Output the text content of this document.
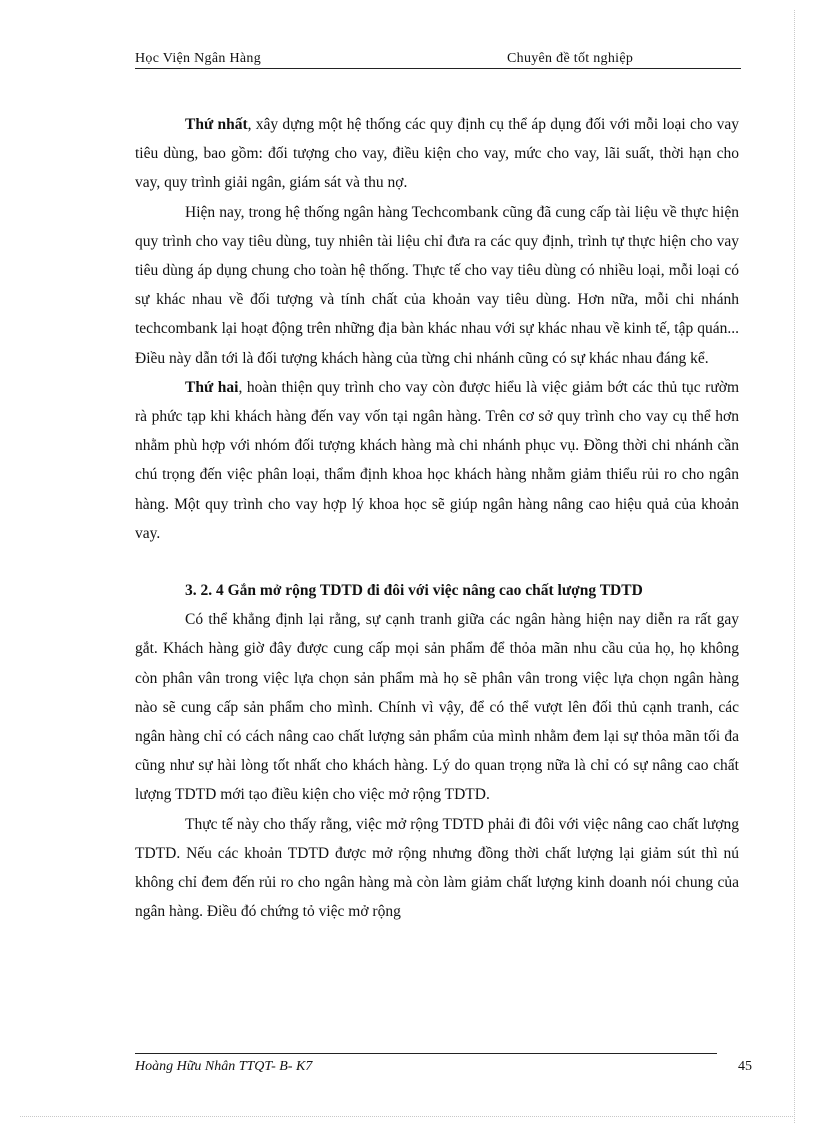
Học Viện Ngân Hàng	Chuyên đề tốt nghiệp

Thứ nhất, xây dựng một hệ thống các quy định cụ thể áp dụng đối với mỗi loại cho vay tiêu dùng, bao gồm: đối tượng cho vay, điều kiện cho vay, mức cho vay, lãi suất, thời hạn cho vay, quy trình giải ngân, giám sát và thu nợ.

Hiện nay, trong hệ thống ngân hàng Techcombank cũng đã cung cấp tài liệu về thực hiện quy trình cho vay tiêu dùng, tuy nhiên tài liệu chỉ đưa ra các quy định, trình tự thực hiện cho vay tiêu dùng áp dụng chung cho toàn hệ thống. Thực tế cho vay tiêu dùng có nhiều loại, mỗi loại có sự khác nhau về đối tượng và tính chất của khoản vay tiêu dùng. Hơn nữa, mỗi chi nhánh techcombank lại hoạt động trên những địa bàn khác nhau với sự khác nhau về kinh tế, tập quán... Điều này dẫn tới là đối tượng khách hàng của từng chi nhánh cũng có sự khác nhau đáng kể.

Thứ hai, hoàn thiện quy trình cho vay còn được hiểu là việc giảm bớt các thủ tục rườm rà phức tạp khi khách hàng đến vay vốn tại ngân hàng. Trên cơ sở quy trình cho vay cụ thể hơn nhằm phù hợp với nhóm đối tượng khách hàng mà chi nhánh phục vụ. Đồng thời chi nhánh cần chú trọng đến việc phân loại, thẩm định khoa học khách hàng nhằm giảm thiểu rủi ro cho ngân hàng. Một quy trình cho vay hợp lý khoa học sẽ giúp ngân hàng nâng cao hiệu quả của khoản vay.

3. 2. 4 Gắn mở rộng TDTD đi đôi với việc nâng cao chất lượng TDTD

Có thể khẳng định lại rằng, sự cạnh tranh giữa các ngân hàng hiện nay diễn ra rất gay gắt. Khách hàng giờ đây được cung cấp mọi sản phẩm để thỏa mãn nhu cầu của họ, họ không còn phân vân trong việc lựa chọn sản phẩm mà họ sẽ phân vân trong việc lựa chọn ngân hàng nào sẽ cung cấp sản phẩm cho mình. Chính vì vậy, để có thể vượt lên đối thủ cạnh tranh, các ngân hàng chỉ có cách nâng cao chất lượng sản phẩm của mình nhằm đem lại sự thỏa mãn tối đa cũng như sự hài lòng tốt nhất cho khách hàng. Lý do quan trọng nữa là chỉ có sự nâng cao chất lượng TDTD mới tạo điều kiện cho việc mở rộng TDTD.

Thực tế này cho thấy rằng, việc mở rộng TDTD phải đi đôi với việc nâng cao chất lượng TDTD. Nếu các khoản TDTD được mở rộng nhưng đồng thời chất lượng lại giảm sút thì nú không chỉ đem đến rủi ro cho ngân hàng mà còn làm giảm chất lượng kinh doanh nói chung của ngân hàng. Điều đó chứng tỏ việc mở rộng

Hoàng Hữu Nhân TTQT- B- K7	45
